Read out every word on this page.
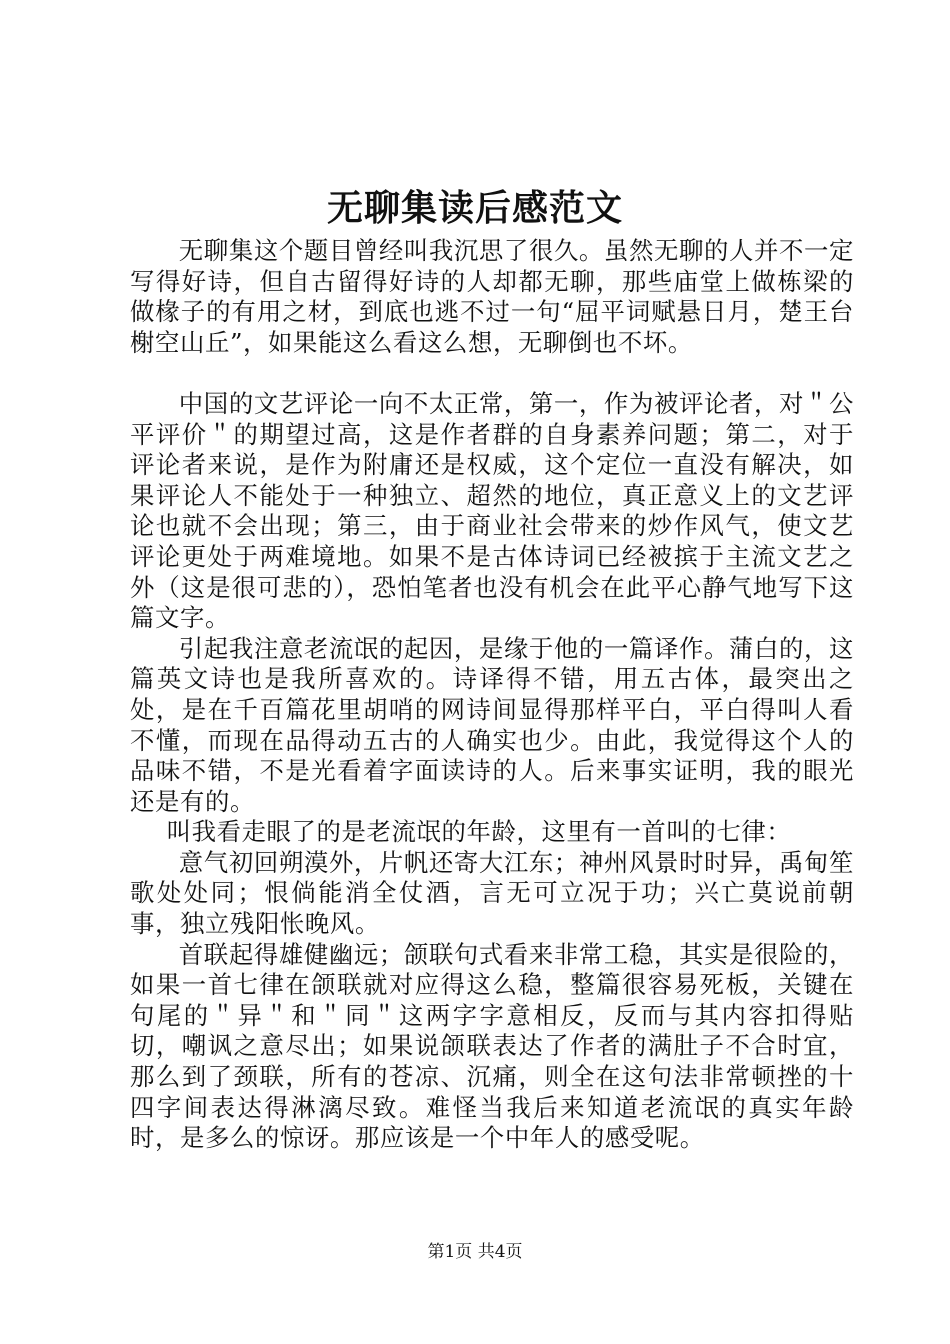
无聊集读后感范文

无聊集这个题目曾经叫我沉思了很久。虽然无聊的人并不一定写得好诗，但自古留得好诗的人却都无聊，那些庙堂上做栋梁的做椽子的有用之材，到底也逃不过一句“屈平词赋悬日月，楚王台榭空山丘”，如果能这么看这么想，无聊倒也不坏。

中国的文艺评论一向不太正常，第一，作为被评论者，对＂公平评价＂的期望过高，这是作者群的自身素养问题；第二，对于评论者来说，是作为附庸还是权威，这个定位一直没有解决，如果评论人不能处于一种独立、超然的地位，真正意义上的文艺评论也就不会出现；第三，由于商业社会带来的炒作风气，使文艺评论更处于两难境地。如果不是古体诗词已经被摈于主流文艺之外（这是很可悲的），恐怕笔者也没有机会在此平心静气地写下这篇文字。

引起我注意老流氓的起因，是缘于他的一篇译作。蒲白的，这篇英文诗也是我所喜欢的。诗译得不错，用五古体，最突出之处，是在千百篇花里胡哨的网诗间显得那样平白，平白得叫人看不懂，而现在品得动五古的人确实也少。由此，我觉得这个人的品味不错，不是光看着字面读诗的人。后来事实证明，我的眼光还是有的。

叫我看走眼了的是老流氓的年龄，这里有一首叫的七律：

意气初回朔漠外，片帆还寄大江东；神州风景时时异，禹甸笙歌处处同；恨倘能消全仗酒，言无可立况于功；兴亡莫说前朝事，独立残阳怅晚风。

首联起得雄健幽远；颌联句式看来非常工稳，其实是很险的，如果一首七律在颌联就对应得这么稳，整篇很容易死板，关键在句尾的＂异＂和＂同＂这两字字意相反，反而与其内容扣得贴切，嘲讽之意尽出；如果说颌联表达了作者的满肚子不合时宜，那么到了颈联，所有的苍凉、沉痛，则全在这句法非常顿挫的十四字间表达得淋漓尽致。难怪当我后来知道老流氓的真实年龄时，是多么的惊讶。那应该是一个中年人的感受呢。

第1页 共4页
